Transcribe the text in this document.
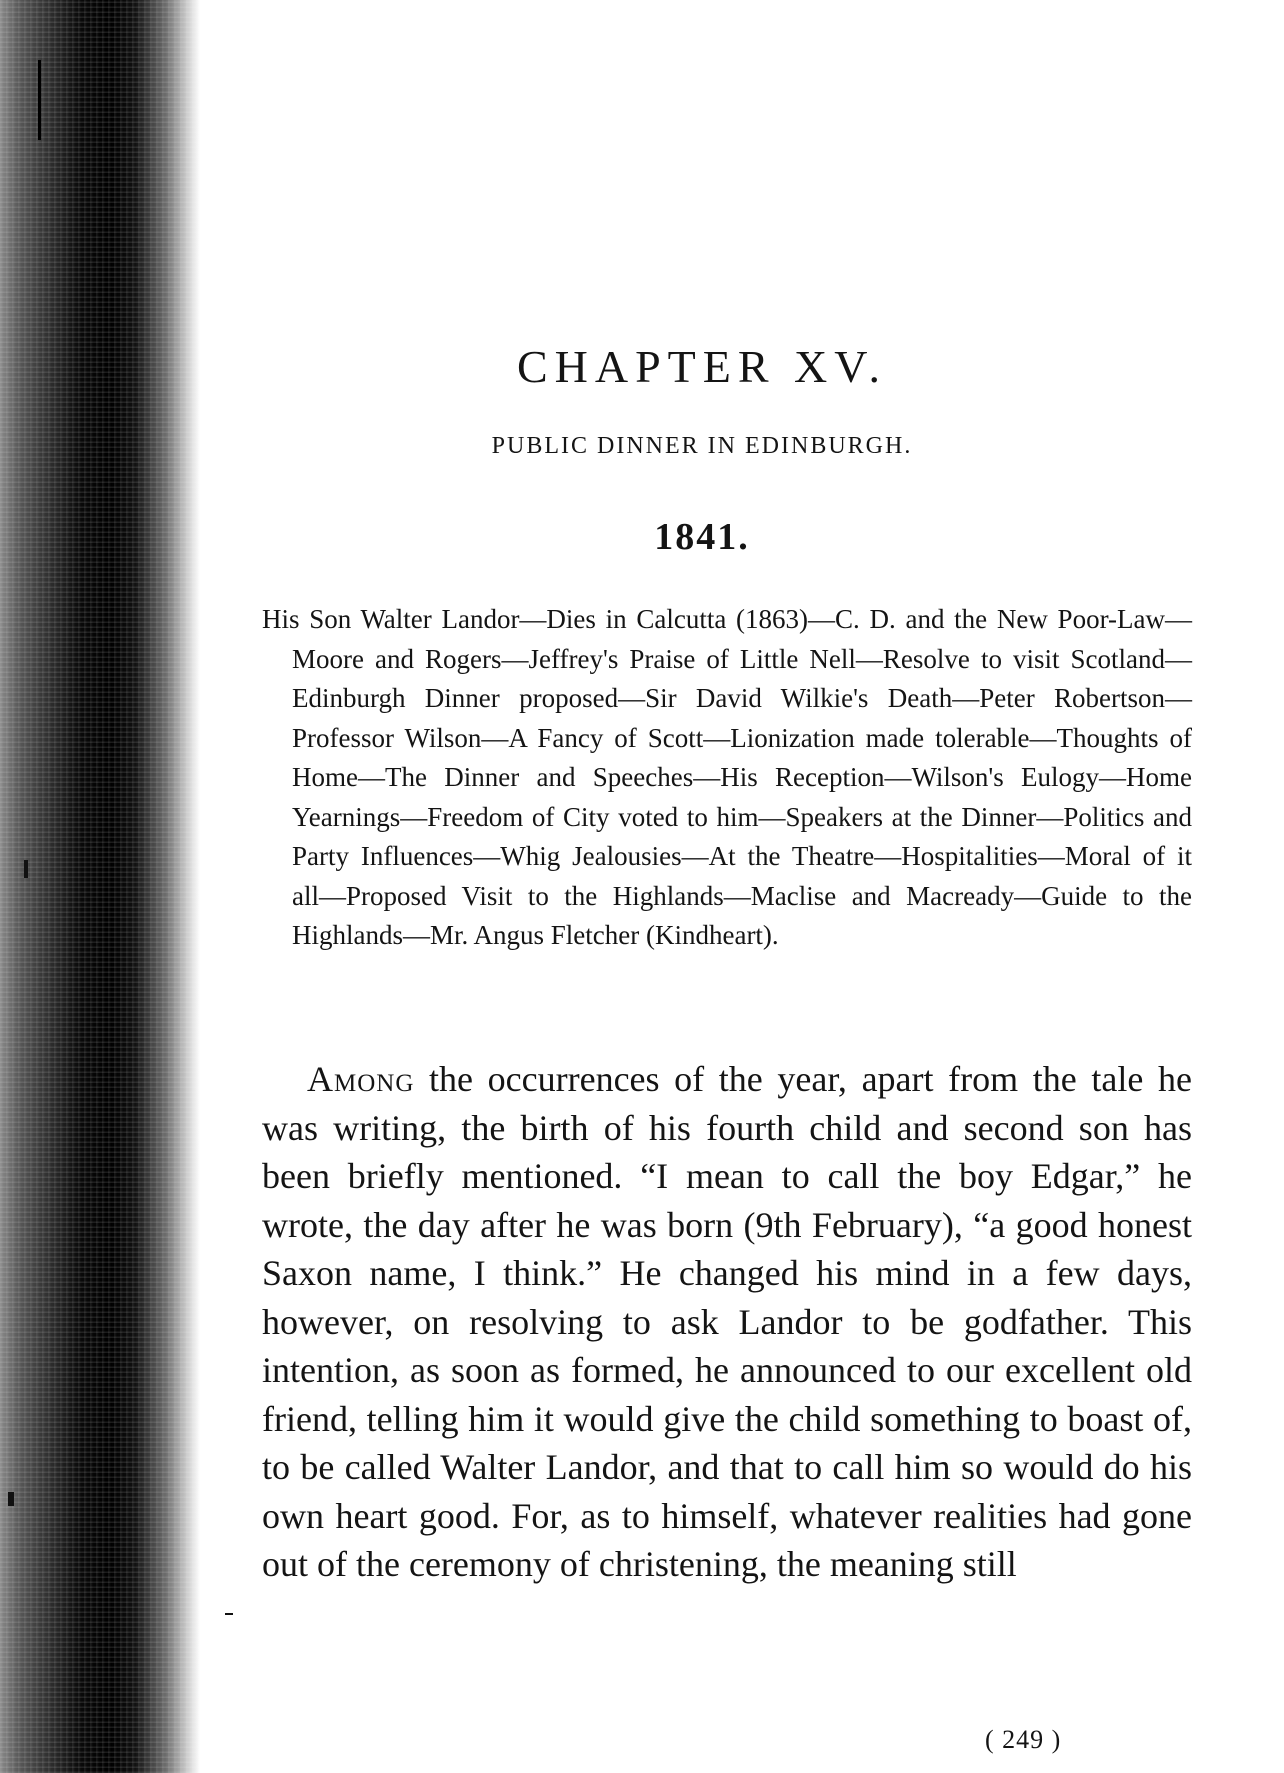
CHAPTER XV.
PUBLIC DINNER IN EDINBURGH.
1841.

His Son Walter Landor—Dies in Calcutta (1863)—C. D. and the New Poor-Law—Moore and Rogers—Jeffrey's Praise of Little Nell—Resolve to visit Scotland—Edinburgh Dinner proposed—Sir David Wilkie's Death—Peter Robertson—Professor Wilson—A Fancy of Scott—Lionization made tolerable—Thoughts of Home—The Dinner and Speeches—His Reception—Wilson's Eulogy—Home Yearnings—Freedom of City voted to him—Speakers at the Dinner—Politics and Party Influences—Whig Jealousies—At the Theatre—Hospitalities—Moral of it all—Proposed Visit to the Highlands—Maclise and Macready—Guide to the Highlands—Mr. Angus Fletcher (Kindheart).

Among the occurrences of the year, apart from the tale he was writing, the birth of his fourth child and second son has been briefly mentioned. “I mean to call the boy Edgar,” he wrote, the day after he was born (9th February), “a good honest Saxon name, I think.” He changed his mind in a few days, however, on resolving to ask Landor to be godfather. This intention, as soon as formed, he announced to our excellent old friend, telling him it would give the child something to boast of, to be called Walter Landor, and that to call him so would do his own heart good. For, as to himself, whatever realities had gone out of the ceremony of christening, the meaning still

( 249 )
